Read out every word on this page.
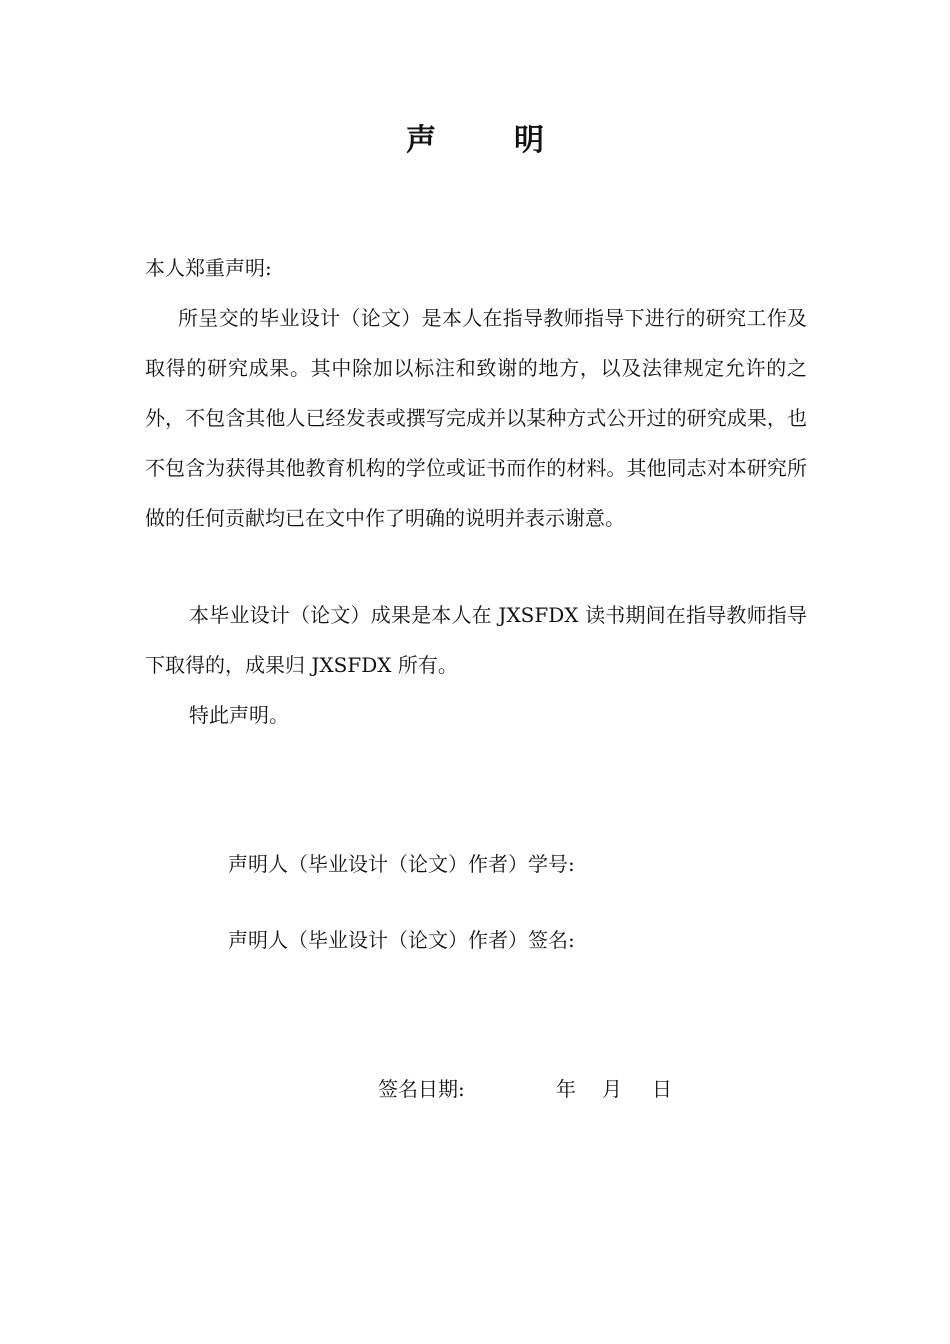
声明
本人郑重声明:
所呈交的毕业设计（论文）是本人在指导教师指导下进行的研究工作及取得的研究成果。其中除加以标注和致谢的地方，以及法律规定允许的之外，不包含其他人已经发表或撰写完成并以某种方式公开过的研究成果，也不包含为获得其他教育机构的学位或证书而作的材料。其他同志对本研究所做的任何贡献均已在文中作了明确的说明并表示谢意。
本毕业设计（论文）成果是本人在 JXSFDX 读书期间在指导教师指导下取得的，成果归 JXSFDX 所有。
特此声明。
声明人（毕业设计（论文）作者）学号:
声明人（毕业设计（论文）作者）签名:
签名日期:	年 月 日
